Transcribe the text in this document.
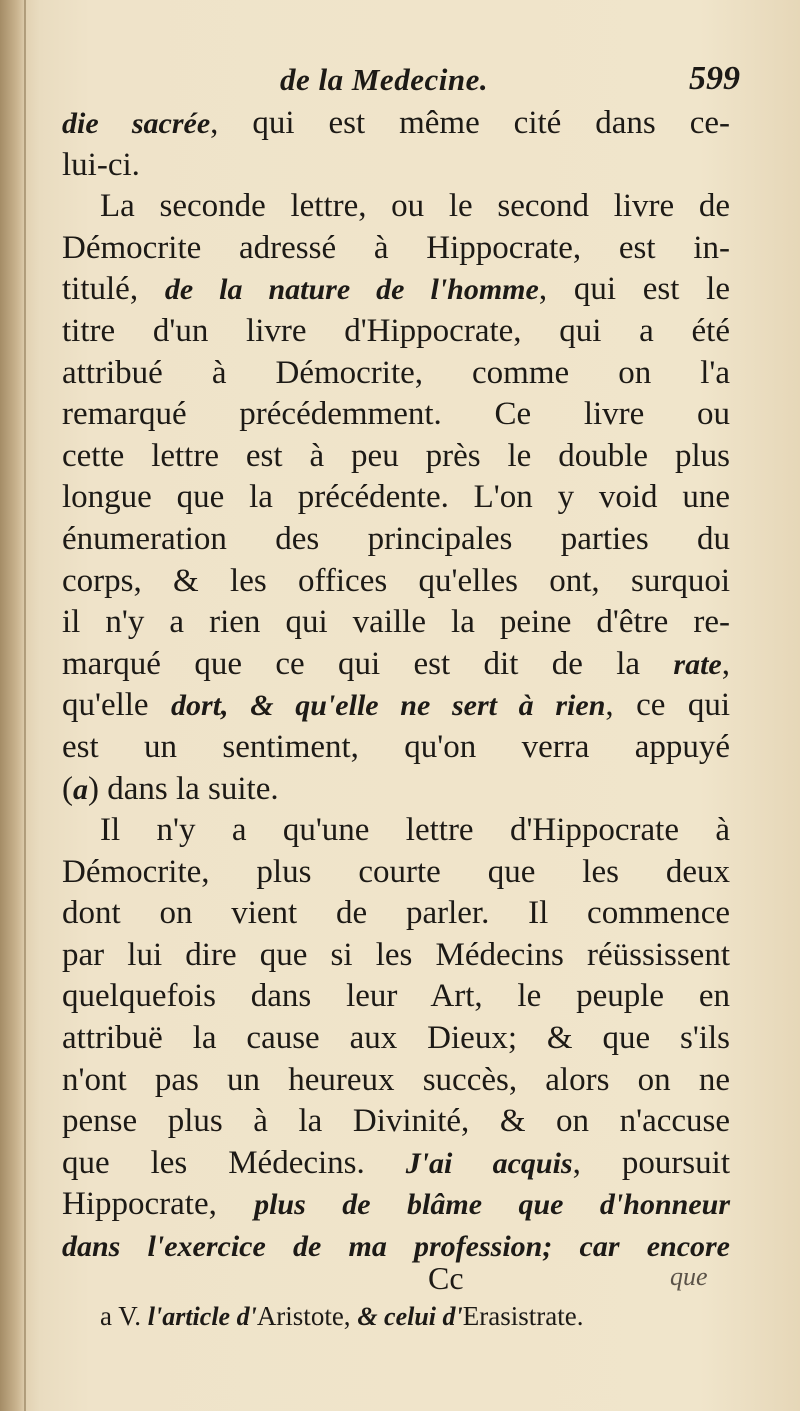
de la Medecine.	599
die sacrée, qui est même cité dans ce-
lui-ci.
La seconde lettre, ou le second livre de
Démocrite adressé à Hippocrate, est in-
titulé, de la nature de l'homme, qui est le
titre d'un livre d'Hippocrate, qui a été
attribué à Démocrite, comme on l'a
remarqué précédemment. Ce livre ou
cette lettre est à peu près le double plus
longue que la précédente. L'on y void une
énumeration des principales parties du
corps, & les offices qu'elles ont, surquoi
il n'y a rien qui vaille la peine d'être re-
marqué que ce qui est dit de la rate,
qu'elle dort, & qu'elle ne sert à rien, ce qui
est un sentiment, qu'on verra appuyé
(a) dans la suite.
Il n'y a qu'une lettre d'Hippocrate à
Démocrite, plus courte que les deux
dont on vient de parler. Il commence
par lui dire que si les Médecins réüssissent
quelquefois dans leur Art, le peuple en
attribuë la cause aux Dieux; & que s'ils
n'ont pas un heureux succès, alors on ne
pense plus à la Divinité, & on n'accuse
que les Médecins. J'ai acquis, poursuit
Hippocrate, plus de blâme que d'honneur
dans l'exercice de ma profession; car encore
Cc	que
a V. l'article d'Aristote, & celui d'Erasistrate.
